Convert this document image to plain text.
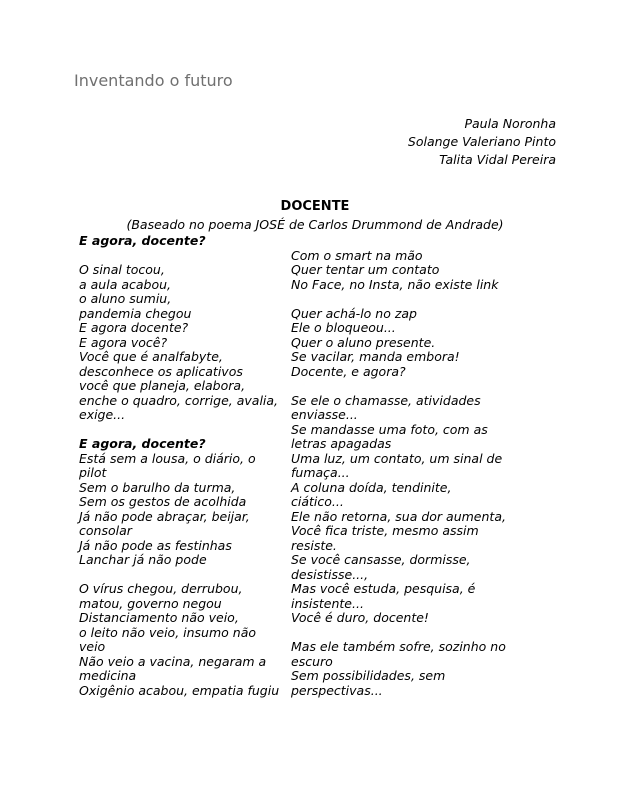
Inventando o futuro
Paula Noronha
Solange Valeriano Pinto
Talita Vidal Pereira
DOCENTE
(Baseado no poema JOSÉ de Carlos Drummond de Andrade)
E agora, docente?
O sinal tocou,
a aula acabou,
o aluno sumiu,
pandemia chegou
E agora docente?
E agora você?
Você que é analfabyte,
desconhece os aplicativos
você que planeja, elabora,
enche o quadro, corrige, avalia,
exige...
E agora, docente?
Está sem a lousa, o diário, o
pilot
Sem o barulho da turma,
Sem os gestos de acolhida
Já não pode abraçar, beijar,
consolar
Já não pode as festinhas
Lanchar já não pode
O vírus chegou, derrubou,
matou, governo negou
Distanciamento não veio,
o leito não veio, insumo não
veio
Não veio a vacina, negaram a
medicina
Oxigênio acabou, empatia fugiu
Com o smart na mão
Quer tentar um contato
No Face, no Insta, não existe link
Quer achá-lo no zap
Ele o bloqueou...
Quer o aluno presente.
Se vacilar, manda embora!
Docente, e agora?
Se ele o chamasse, atividades
enviasse...
Se mandasse uma foto, com as
letras apagadas
Uma luz, um contato, um sinal de
fumaça...
A coluna doída, tendinite,
ciático...
Ele não retorna, sua dor aumenta,
Você fica triste, mesmo assim
resiste.
Se você cansasse, dormisse,
desistisse...,
Mas você estuda, pesquisa, é
insistente...
Você é duro, docente!
Mas ele também sofre, sozinho no
escuro
Sem possibilidades, sem
perspectivas...
